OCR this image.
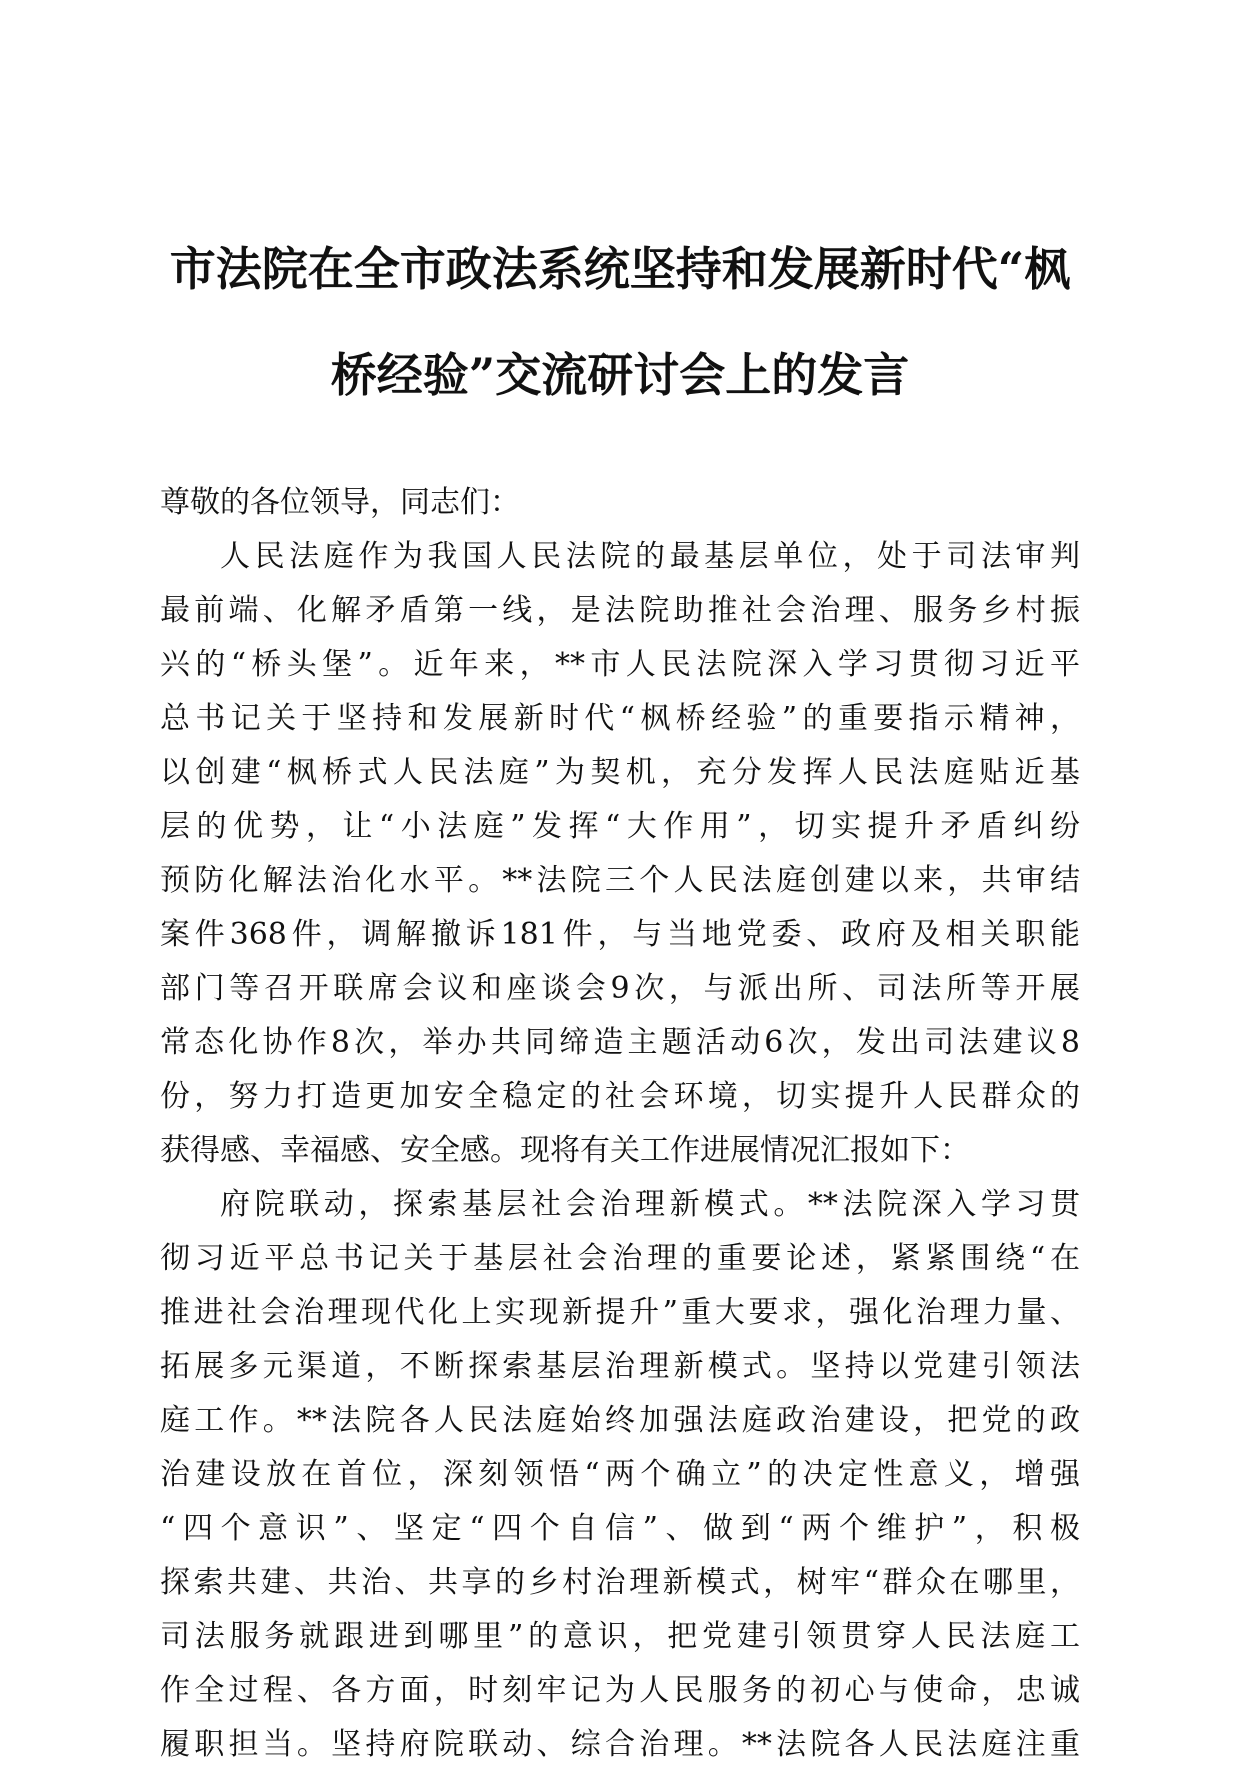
市法院在全市政法系统坚持和发展新时代“枫
桥经验”交流研讨会上的发言
尊敬的各位领导，同志们：
人民法庭作为我国人民法院的最基层单位，处于司法审判
最前端、化解矛盾第一线，是法院助推社会治理、服务乡村振
兴的“桥头堡”。近年来，**市人民法院深入学习贯彻习近平
总书记关于坚持和发展新时代“枫桥经验”的重要指示精神，
以创建“枫桥式人民法庭”为契机，充分发挥人民法庭贴近基
层的优势，让“小法庭”发挥“大作用”，切实提升矛盾纠纷
预防化解法治化水平。**法院三个人民法庭创建以来，共审结
案件368件，调解撤诉181件，与当地党委、政府及相关职能
部门等召开联席会议和座谈会9次，与派出所、司法所等开展
常态化协作8次，举办共同缔造主题活动6次，发出司法建议8
份，努力打造更加安全稳定的社会环境，切实提升人民群众的
获得感、幸福感、安全感。现将有关工作进展情况汇报如下：
府院联动，探索基层社会治理新模式。**法院深入学习贯
彻习近平总书记关于基层社会治理的重要论述，紧紧围绕“在
推进社会治理现代化上实现新提升”重大要求，强化治理力量、
拓展多元渠道，不断探索基层治理新模式。坚持以党建引领法
庭工作。**法院各人民法庭始终加强法庭政治建设，把党的政
治建设放在首位，深刻领悟“两个确立”的决定性意义，增强
“四个意识”、坚定“四个自信”、做到“两个维护”，积极
探索共建、共治、共享的乡村治理新模式，树牢“群众在哪里，
司法服务就跟进到哪里”的意识，把党建引领贯穿人民法庭工
作全过程、各方面，时刻牢记为人民服务的初心与使命，忠诚
履职担当。坚持府院联动、综合治理。**法院各人民法庭注重
